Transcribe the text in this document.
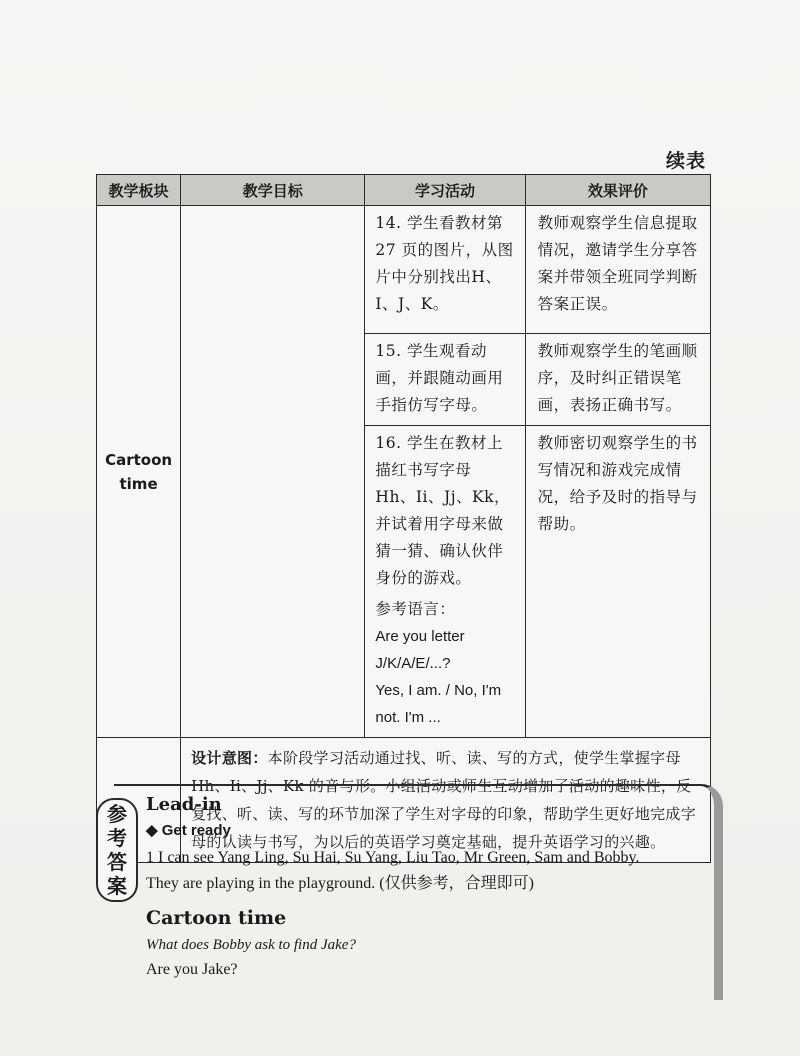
续表
教学板块	教学目标	学习活动	效果评价

Cartoon time		14. 学生看教材第 27 页的图片，从图片中分别找出H、I、J、K。	教师观察学生信息提取情况，邀请学生分享答案并带领全班同学判断答案正误。

		15. 学生观看动画，并跟随动画用手指仿写字母。	教师观察学生的笔画顺序，及时纠正错误笔画，表扬正确书写。

		16. 学生在教材上描红书写字母 Hh、Ii、Jj、Kk，并试着用字母来做猜一猜、确认伙伴身份的游戏。

参考语言：

Are you letter J/K/A/E/...?

Yes, I am. / No, I'm not. I'm ...	教师密切观察学生的书写情况和游戏完成情况，给予及时的指导与帮助。

	设计意图：本阶段学习活动通过找、听、读、写的方式，使学生掌握字母 Hh、Ii、Jj、Kk 的音与形。小组活动或师生互动增加了活动的趣味性，反复找、听、读、写的环节加深了学生对字母的印象，帮助学生更好地完成字母的认读与书写，为以后的英语学习奠定基础，提升英语学习的兴趣。		
参
考
答
案

Lead-in

◆ Get ready

1 I can see Yang Ling, Su Hai, Su Yang, Liu Tao, Mr Green, Sam and Bobby.

They are playing in the playground. (仅供参考，合理即可)

Cartoon time

What does Bobby ask to find Jake?

Are you Jake?
